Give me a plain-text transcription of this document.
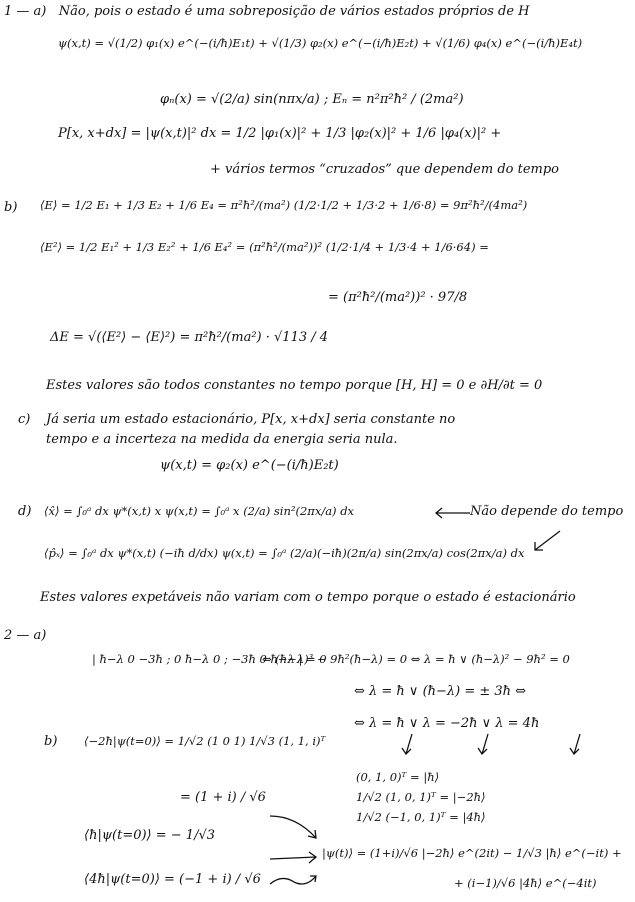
1 — a) Não, pois o estado é uma sobreposição de vários estados próprios de H
ψ(x,t) = √(1/2) φ₁(x) e^(−(i/ħ)E₁t) + √(1/3) φ₂(x) e^(−(i/ħ)E₂t) + √(1/6) φ₄(x) e^(−(i/ħ)E₄t)
φₙ(x) = √(2/a) sin(nπx/a) ; Eₙ = n²π²ħ² / (2ma²)
P[x, x+dx] = |ψ(x,t)|² dx = 1/2 |φ₁(x)|² + 1/3 |φ₂(x)|² + 1/6 |φ₄(x)|² +
+ vários termos “cruzados” que dependem do tempo
b) ⟨E⟩ = 1/2 E₁ + 1/3 E₂ + 1/6 E₄ = π²ħ²/(ma²) (1/2·1/2 + 1/3·2 + 1/6·8) = 9π²ħ²/(4ma²)
⟨E²⟩ = 1/2 E₁² + 1/3 E₂² + 1/6 E₄² = (π²ħ²/(ma²))² (1/2·1/4 + 1/3·4 + 1/6·64) =
= (π²ħ²/(ma²))² · 97/8
ΔE = √(⟨E²⟩ − ⟨E⟩²) = π²ħ²/(ma²) · √113 / 4
Estes valores são todos constantes no tempo porque [H, H] = 0 e ∂H/∂t = 0
c) Já seria um estado estacionário, P[x, x+dx] seria constante no
tempo e a incerteza na medida da energia seria nula.
ψ(x,t) = φ₂(x) e^(−(i/ħ)E₂t)
d) ⟨x̂⟩ = ∫₀ᵃ dx ψ*(x,t) x ψ(x,t) = ∫₀ᵃ x (2/a) sin²(2πx/a) dx	Não depende do tempo
⟨p̂ₓ⟩ = ∫₀ᵃ dx ψ*(x,t) (−iħ d/dx) ψ(x,t) = ∫₀ᵃ (2/a)(−iħ)(2π/a) sin(2πx/a) cos(2πx/a) dx
Estes valores expetáveis não variam com o tempo porque o estado é estacionário
2 — a)
| ħ−λ 0 −3ħ ; 0 ħ−λ 0 ; −3ħ 0 ħ−λ | = 0
⇔ (ħ−λ)³ − 9ħ²(ħ−λ) = 0 ⇔ λ = ħ ∨ (ħ−λ)² − 9ħ² = 0
⇔ λ = ħ ∨ (ħ−λ) = ± 3ħ ⇔
⇔ λ = ħ ∨ λ = −2ħ ∨ λ = 4ħ
b) ⟨−2ħ|ψ(t=0)⟩ = 1/√2 (1 0 1) 1/√3 (1, 1, i)ᵀ
= (1 + i) / √6
(0, 1, 0)ᵀ = |ħ⟩
1/√2 (1, 0, 1)ᵀ = |−2ħ⟩
1/√2 (−1, 0, 1)ᵀ = |4ħ⟩
⟨ħ|ψ(t=0)⟩ = − 1/√3
|ψ(t)⟩ = (1+i)/√6 |−2ħ⟩ e^(2it) − 1/√3 |ħ⟩ e^(−it) +
⟨4ħ|ψ(t=0)⟩ = (−1 + i) / √6	+ (i−1)/√6 |4ħ⟩ e^(−4it)
